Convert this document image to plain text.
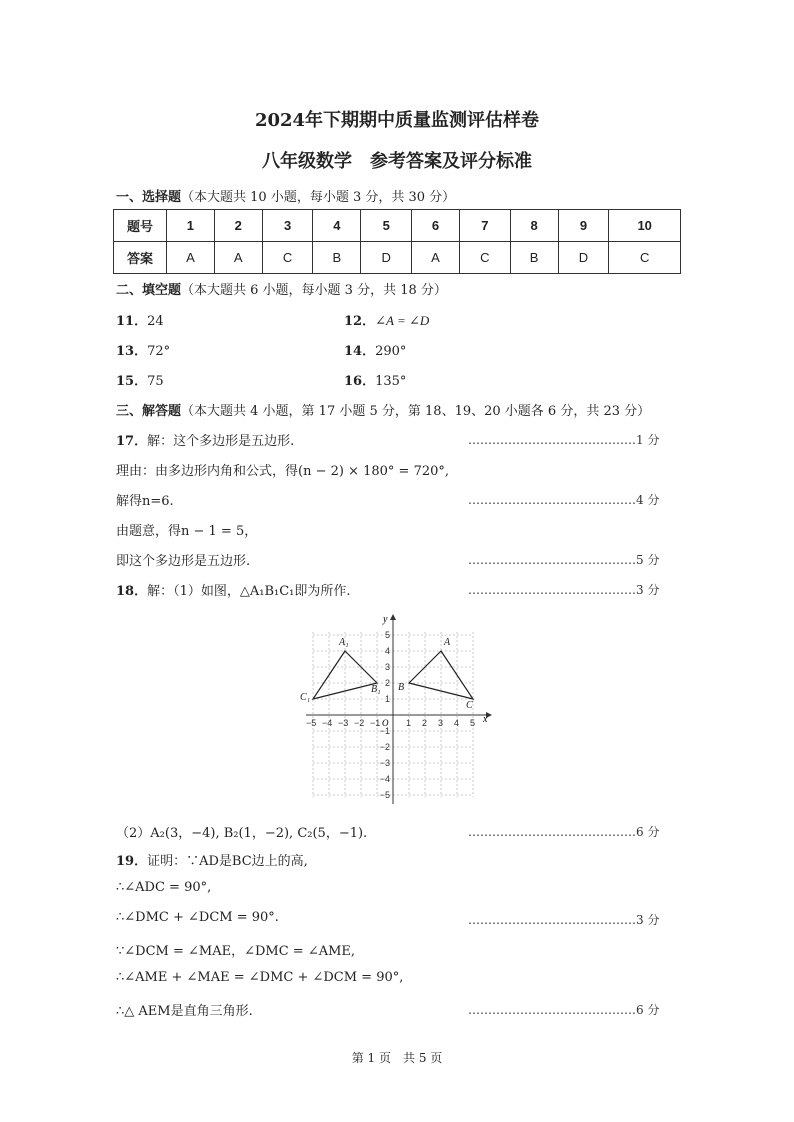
2024年下期期中质量监测评估样卷
八年级数学　参考答案及评分标准
一、选择题（本大题共 10 小题，每小题 3 分，共 30 分）
题号	1	2	3	4	5	6	7	8	9	10
答案	A	A	C	B	D	A	C	B	D	C
二、填空题（本大题共 6 小题，每小题 3 分，共 18 分）
11．24	12．∠A = ∠D
13．72°	14．290°
15．75	16．135°
三、解答题（本大题共 4 小题，第 17 小题 5 分，第 18、19、20 小题各 6 分，共 23 分）
17．解：这个多边形是五边形.	……………………………………1 分
理由：由多边形内角和公式，得(n − 2) × 180° = 720°,
解得n=6.	……………………………………4 分
由题意，得n − 1 = 5，
即这个多边形是五边形.	……………………………………5 分
18．解：（1）如图，△A₁B₁C₁即为所作.	……………………………………3 分
x
y
O
−5 −4 −3 −2 −1	1 2 3 4 5
5
4
3
2
1
−1
−2
−3
−4
−5
A
B
C
A₁
B₁
C₁
（2）A₂(3，−4), B₂(1，−2), C₂(5，−1).	……………………………………6 分
19．证明：∵AD是BC边上的高,
∴∠ADC = 90°,
∴∠DMC + ∠DCM = 90°.	……………………………………3 分
∵∠DCM = ∠MAE，∠DMC = ∠AME,
∴∠AME + ∠MAE = ∠DMC + ∠DCM = 90°,
∴△ AEM是直角三角形.	……………………………………6 分
第 1 页　共 5 页
